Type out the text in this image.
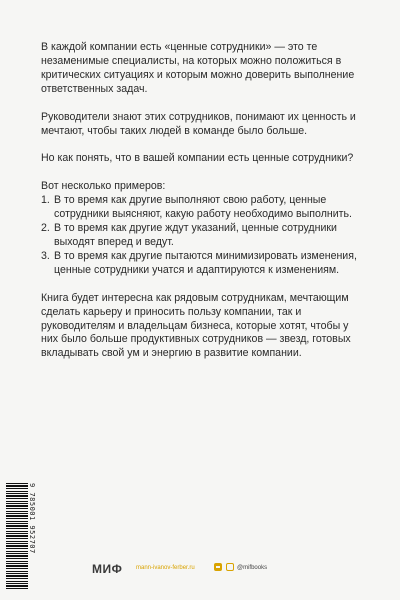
В каждой компании есть «ценные сотрудники» — это те незаменимые специалисты, на которых можно положиться в критических ситуациях и которым можно доверить выполнение ответственных задач.

Руководители знают этих сотрудников, понимают их ценность и мечтают, чтобы таких людей в команде было больше.

Но как понять, что в вашей компании есть ценные сотрудники?

Вот несколько примеров:

1. В то время как другие выполняют свою работу, ценные сотрудники выясняют, какую работу необходимо выполнить.
2. В то время как другие ждут указаний, ценные сотрудники выходят вперед и ведут.
3. В то время как другие пытаются минимизировать изменения, ценные сотрудники учатся и адаптируются к изменениям.

Книга будет интересна как рядовым сотрудникам, мечтающим сделать карьеру и приносить пользу компании, так и руководителям и владельцам бизнеса, которые хотят, чтобы у них было больше продуктивных сотрудников — звезд, готовых вкладывать свой ум и энергию в развитие компании.

9 785001 952707
МИФ mann-ivanov-ferber.ru	@mifbooks
